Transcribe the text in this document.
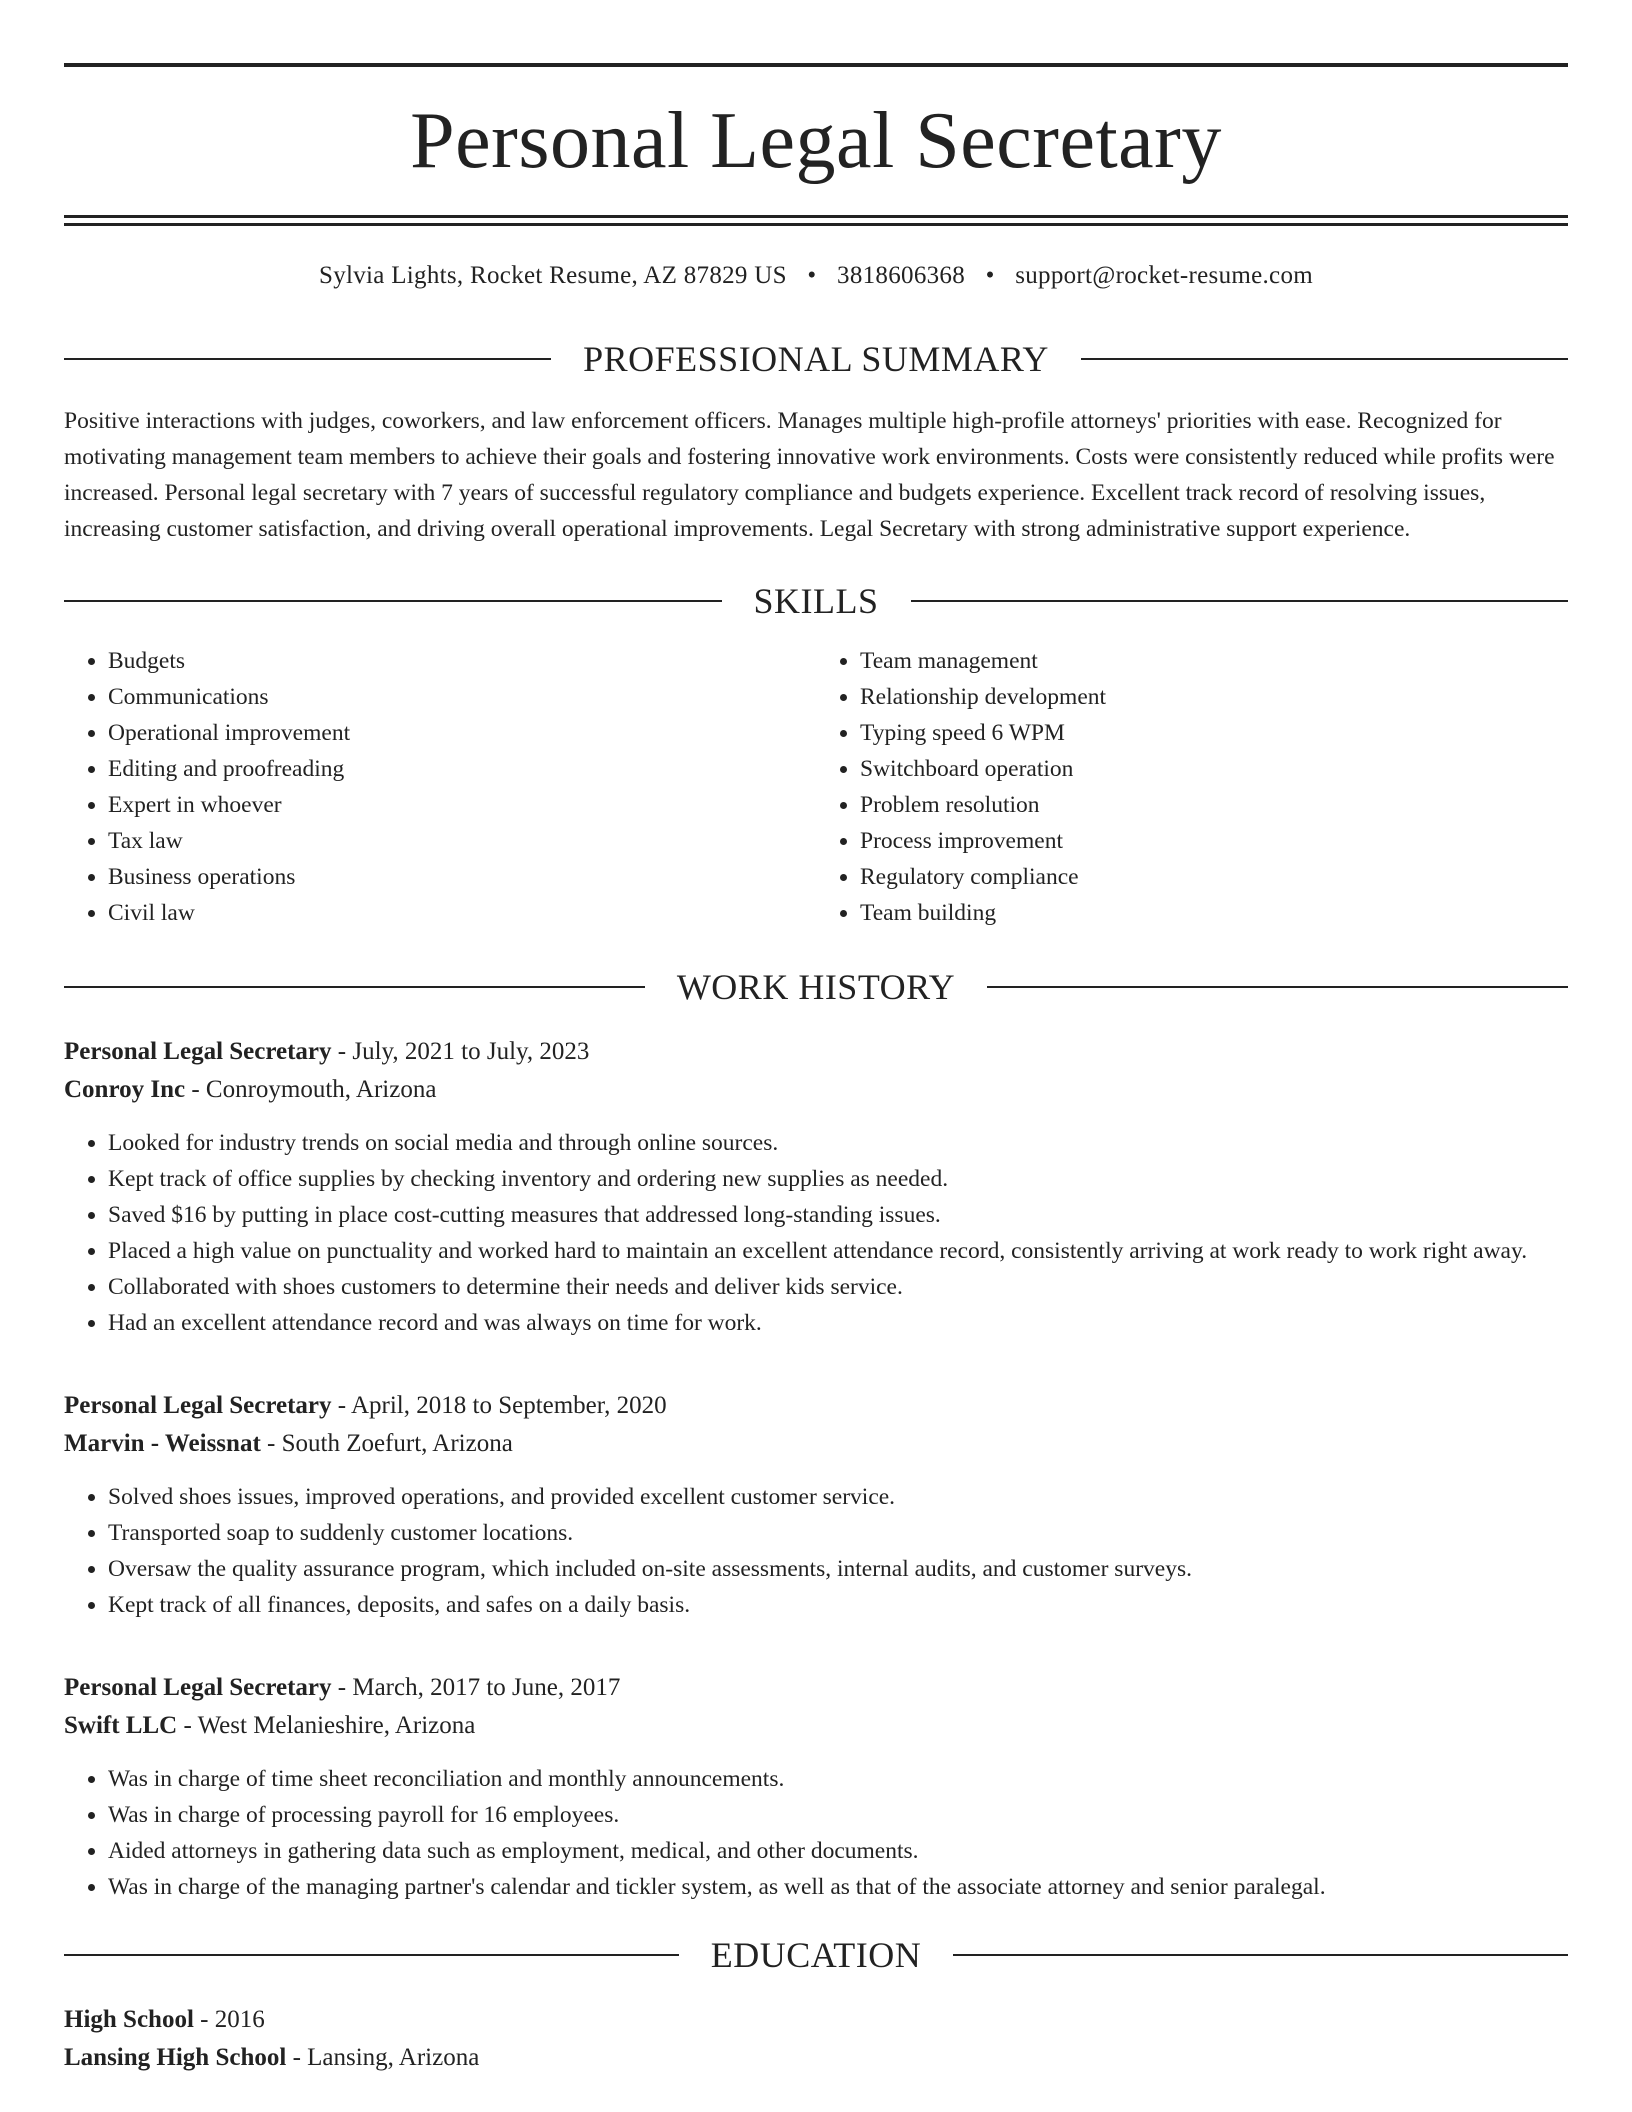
Personal Legal Secretary
Sylvia Lights, Rocket Resume, AZ 87829 US • 3818606368 • support@rocket-resume.com
PROFESSIONAL SUMMARY

Positive interactions with judges, coworkers, and law enforcement officers. Manages multiple high-profile attorneys' priorities with ease. Recognized for motivating management team members to achieve their goals and fostering innovative work environments. Costs were consistently reduced while profits were increased. Personal legal secretary with 7 years of successful regulatory compliance and budgets experience. Excellent track record of resolving issues, increasing customer satisfaction, and driving overall operational improvements. Legal Secretary with strong administrative support experience.

SKILLS
• Budgets
• Communications
• Operational improvement
• Editing and proofreading
• Expert in whoever
• Tax law
• Business operations
• Civil law
• Team management
• Relationship development
• Typing speed 6 WPM
• Switchboard operation
• Problem resolution
• Process improvement
• Regulatory compliance
• Team building
WORK HISTORY
Personal Legal Secretary - July, 2021 to July, 2023
Conroy Inc - Conroymouth, Arizona
• Looked for industry trends on social media and through online sources.
• Kept track of office supplies by checking inventory and ordering new supplies as needed.
• Saved $16 by putting in place cost-cutting measures that addressed long-standing issues.
• Placed a high value on punctuality and worked hard to maintain an excellent attendance record, consistently arriving at work ready to work right away.
• Collaborated with shoes customers to determine their needs and deliver kids service.
• Had an excellent attendance record and was always on time for work.
Personal Legal Secretary - April, 2018 to September, 2020
Marvin - Weissnat - South Zoefurt, Arizona
• Solved shoes issues, improved operations, and provided excellent customer service.
• Transported soap to suddenly customer locations.
• Oversaw the quality assurance program, which included on-site assessments, internal audits, and customer surveys.
• Kept track of all finances, deposits, and safes on a daily basis.
Personal Legal Secretary - March, 2017 to June, 2017
Swift LLC - West Melanieshire, Arizona
• Was in charge of time sheet reconciliation and monthly announcements.
• Was in charge of processing payroll for 16 employees.
• Aided attorneys in gathering data such as employment, medical, and other documents.
• Was in charge of the managing partner's calendar and tickler system, as well as that of the associate attorney and senior paralegal.
EDUCATION
High School - 2016
Lansing High School - Lansing, Arizona
